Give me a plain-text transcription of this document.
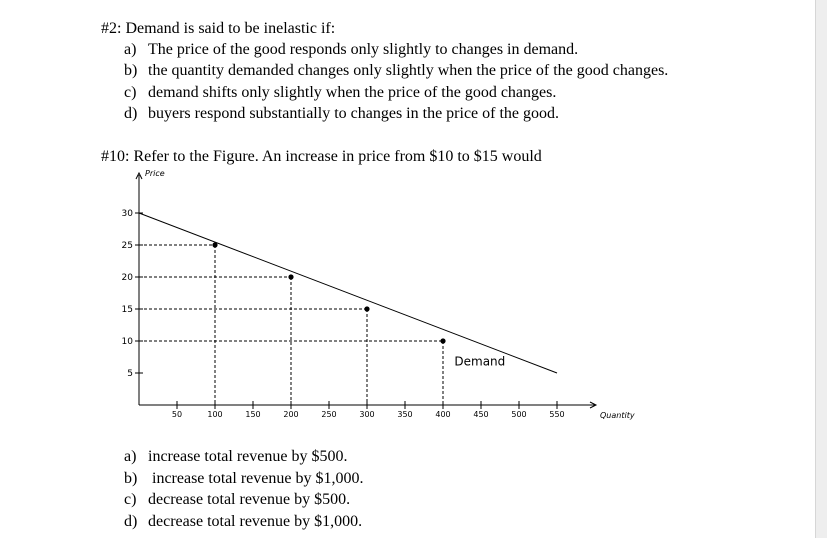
#2: Demand is said to be inelastic if:
a) The price of the good responds only slightly to changes in demand.
b) the quantity demanded changes only slightly when the price of the good changes.
c) demand shifts only slightly when the price of the good changes.
d) buyers respond substantially to changes in the price of the good.
#10: Refer to the Figure. An increase in price from $10 to $15 would
5
10
15
20
25
30
50	100	150	200	250	300	350	400	450	500	550
Price
Quantity
Demand
a) increase total revenue by $500.
b) increase total revenue by $1,000.
c) decrease total revenue by $500.
d) decrease total revenue by $1,000.
